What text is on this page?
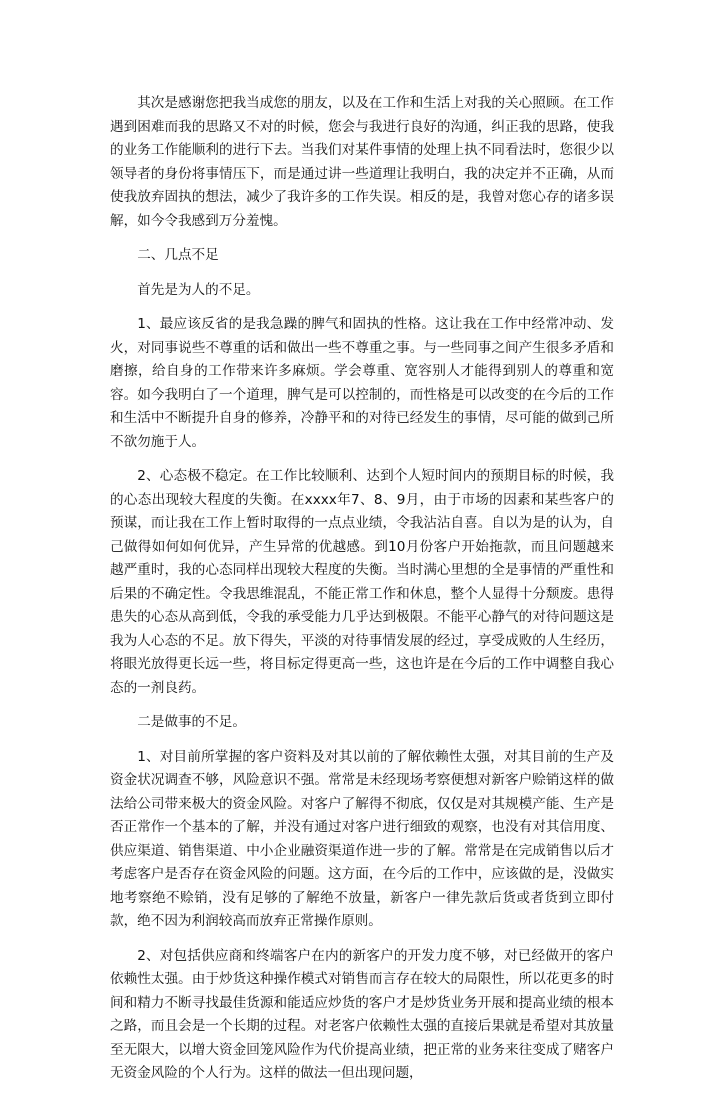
其次是感谢您把我当成您的朋友，以及在工作和生活上对我的关心照顾。在工作遇到困难而我的思路又不对的时候，您会与我进行良好的沟通，纠正我的思路，使我的业务工作能顺利的进行下去。当我们对某件事情的处理上执不同看法时，您很少以领导者的身份将事情压下，而是通过讲一些道理让我明白，我的决定并不正确，从而使我放弃固执的想法，减少了我许多的工作失误。相反的是，我曾对您心存的诸多误解，如今令我感到万分羞愧。

二、几点不足

首先是为人的不足。

1、最应该反省的是我急躁的脾气和固执的性格。这让我在工作中经常冲动、发火，对同事说些不尊重的话和做出一些不尊重之事。与一些同事之间产生很多矛盾和磨擦，给自身的工作带来许多麻烦。学会尊重、宽容别人才能得到别人的尊重和宽容。如今我明白了一个道理，脾气是可以控制的，而性格是可以改变的在今后的工作和生活中不断提升自身的修养，冷静平和的对待已经发生的事情，尽可能的做到己所不欲勿施于人。

2、心态极不稳定。在工作比较顺利、达到个人短时间内的预期目标的时候，我的心态出现较大程度的失衡。在xxxx年7、8、9月，由于市场的因素和某些客户的预谋，而让我在工作上暂时取得的一点点业绩，令我沾沾自喜。自以为是的认为，自己做得如何如何优异，产生异常的优越感。到10月份客户开始拖款，而且问题越来越严重时，我的心态同样出现较大程度的失衡。当时满心里想的全是事情的严重性和后果的不确定性。令我思维混乱，不能正常工作和休息，整个人显得十分颓废。患得患失的心态从高到低，令我的承受能力几乎达到极限。不能平心静气的对待问题这是我为人心态的不足。放下得失，平淡的对待事情发展的经过，享受成败的人生经历，将眼光放得更长远一些，将目标定得更高一些，这也许是在今后的工作中调整自我心态的一剂良药。

二是做事的不足。

1、对目前所掌握的客户资料及对其以前的了解依赖性太强，对其目前的生产及资金状况调查不够，风险意识不强。常常是未经现场考察便想对新客户赊销这样的做法给公司带来极大的资金风险。对客户了解得不彻底，仅仅是对其规模产能、生产是否正常作一个基本的了解，并没有通过对客户进行细致的观察，也没有对其信用度、供应渠道、销售渠道、中小企业融资渠道作进一步的了解。常常是在完成销售以后才考虑客户是否存在资金风险的问题。这方面，在今后的工作中，应该做的是，没做实地考察绝不赊销，没有足够的了解绝不放量，新客户一律先款后货或者货到立即付款，绝不因为利润较高而放弃正常操作原则。

2、对包括供应商和终端客户在内的新客户的开发力度不够，对已经做开的客户依赖性太强。由于炒货这种操作模式对销售而言存在较大的局限性，所以花更多的时间和精力不断寻找最佳货源和能适应炒货的客户才是炒货业务开展和提高业绩的根本之路，而且会是一个长期的过程。对老客户依赖性太强的直接后果就是希望对其放量至无限大，以增大资金回笼风险作为代价提高业绩，把正常的业务来往变成了赌客户无资金风险的个人行为。这样的做法一但出现问题，
